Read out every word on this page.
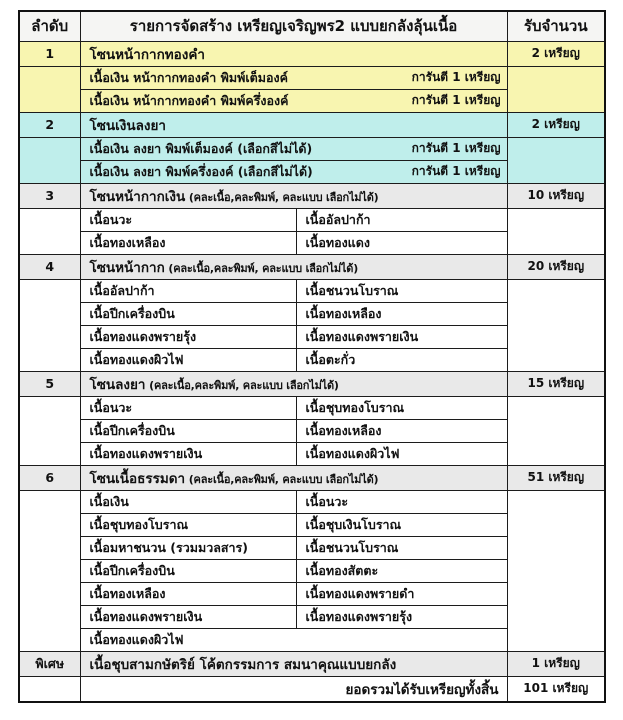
ลำดับ	รายการจัดสร้าง เหรียญเจริญพร2 แบบยกลังลุ้นเนื้อ		รับจำนวน
1	โซนหน้ากากทองคำ		2 เหรียญ

	เนื้อเงิน หน้ากากทองคำ พิมพ์เต็มองค์ การันตี 1 เหรียญ		

	เนื้อเงิน หน้ากากทองคำ พิมพ์ครึ่งองค์ การันตี 1 เหรียญ		

2	โซนเงินลงยา		2 เหรียญ

	เนื้อเงิน ลงยา พิมพ์เต็มองค์ (เลือกสีไม่ได้) การันตี 1 เหรียญ		

	เนื้อเงิน ลงยา พิมพ์ครึ่งองค์ (เลือกสีไม่ได้) การันตี 1 เหรียญ		

3	โซนหน้ากากเงิน (คละเนื้อ,คละพิมพ์, คละแบบ เลือกไม่ได้)		10 เหรียญ
	เนื้อนวะ	เนื้ออัลปาก้า	
	เนื้อทองเหลือง	เนื้อทองแดง	
4	โซนหน้ากาก (คละเนื้อ,คละพิมพ์, คละแบบ เลือกไม่ได้)		20 เหรียญ
	เนื้ออัลปาก้า	เนื้อชนวนโบราณ	
	เนื้อปีกเครื่องบิน	เนื้อทองเหลือง	
	เนื้อทองแดงพรายรุ้ง	เนื้อทองแดงพรายเงิน	
	เนื้อทองแดงผิวไฟ	เนื้อตะกั่ว	
5	โซนลงยา (คละเนื้อ,คละพิมพ์, คละแบบ เลือกไม่ได้)		15 เหรียญ
	เนื้อนวะ	เนื้อชุบทองโบราณ	
	เนื้อปีกเครื่องบิน	เนื้อทองเหลือง	
	เนื้อทองแดงพรายเงิน	เนื้อทองแดงผิวไฟ	
6	โซนเนื้อธรรมดา (คละเนื้อ,คละพิมพ์, คละแบบ เลือกไม่ได้)		51 เหรียญ
	เนื้อเงิน	เนื้อนวะ	
	เนื้อชุบทองโบราณ	เนื้อชุบเงินโบราณ	
	เนื้อมหาชนวน (รวมมวลสาร)	เนื้อชนวนโบราณ	
	เนื้อปีกเครื่องบิน	เนื้อทองสัตตะ	
	เนื้อทองเหลือง	เนื้อทองแดงพรายดำ	
	เนื้อทองแดงพรายเงิน	เนื้อทองแดงพรายรุ้ง	

	เนื้อทองแดงผิวไฟ		

พิเศษ	เนื้อชุบสามกษัตริย์ โค้ตกรรมการ สมนาคุณแบบยกลัง		1 เหรียญ
	ยอดรวมได้รับเหรียญทั้งสิ้น		101 เหรียญ
